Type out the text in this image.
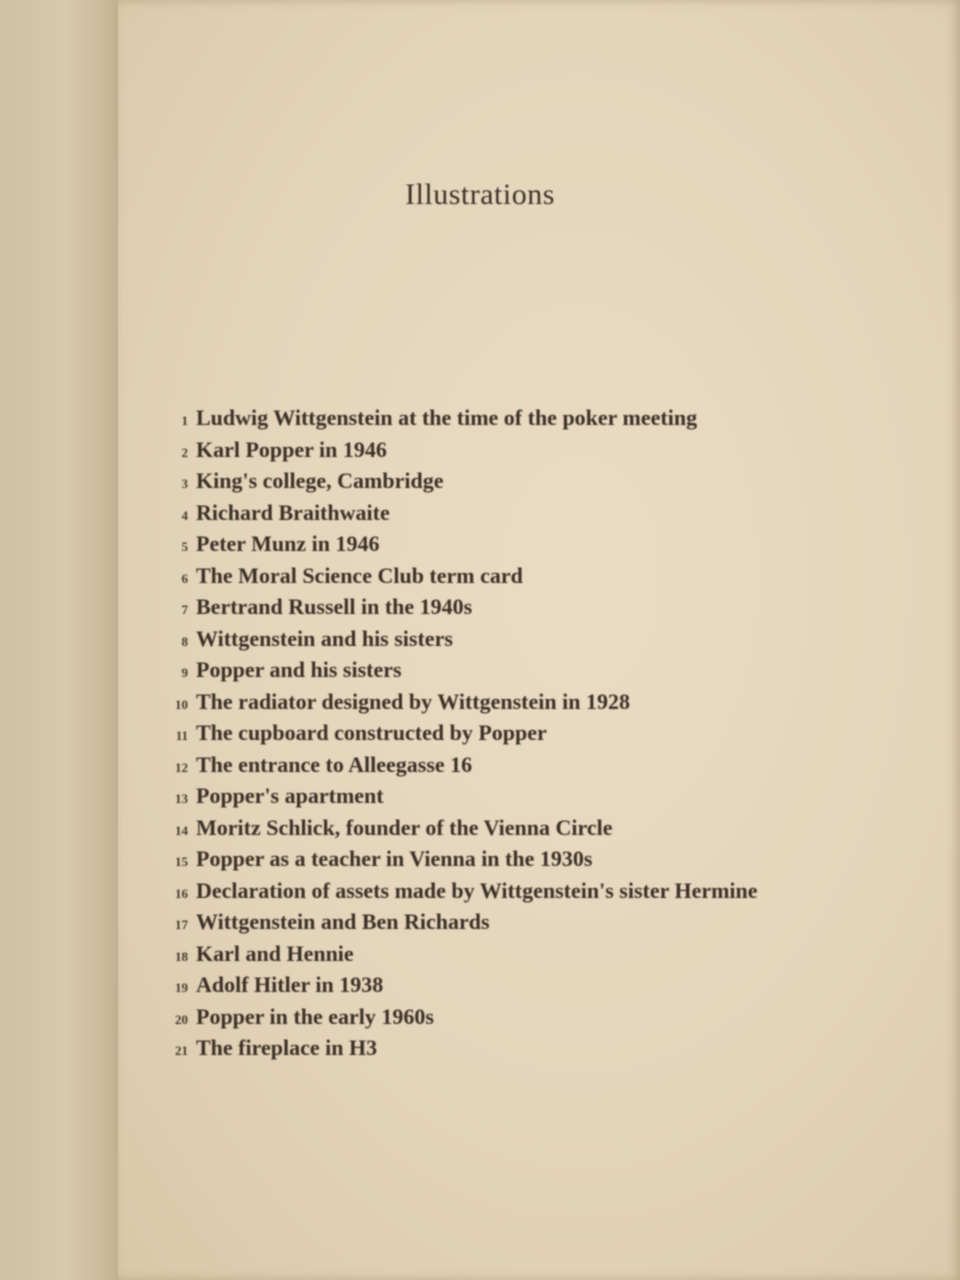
Illustrations
1 Ludwig Wittgenstein at the time of the poker meeting
2 Karl Popper in 1946
3 King's college, Cambridge
4 Richard Braithwaite
5 Peter Munz in 1946
6 The Moral Science Club term card
7 Bertrand Russell in the 1940s
8 Wittgenstein and his sisters
9 Popper and his sisters
10 The radiator designed by Wittgenstein in 1928
11 The cupboard constructed by Popper
12 The entrance to Alleegasse 16
13 Popper's apartment
14 Moritz Schlick, founder of the Vienna Circle
15 Popper as a teacher in Vienna in the 1930s
16 Declaration of assets made by Wittgenstein's sister Hermine
17 Wittgenstein and Ben Richards
18 Karl and Hennie
19 Adolf Hitler in 1938
20 Popper in the early 1960s
21 The fireplace in H3
